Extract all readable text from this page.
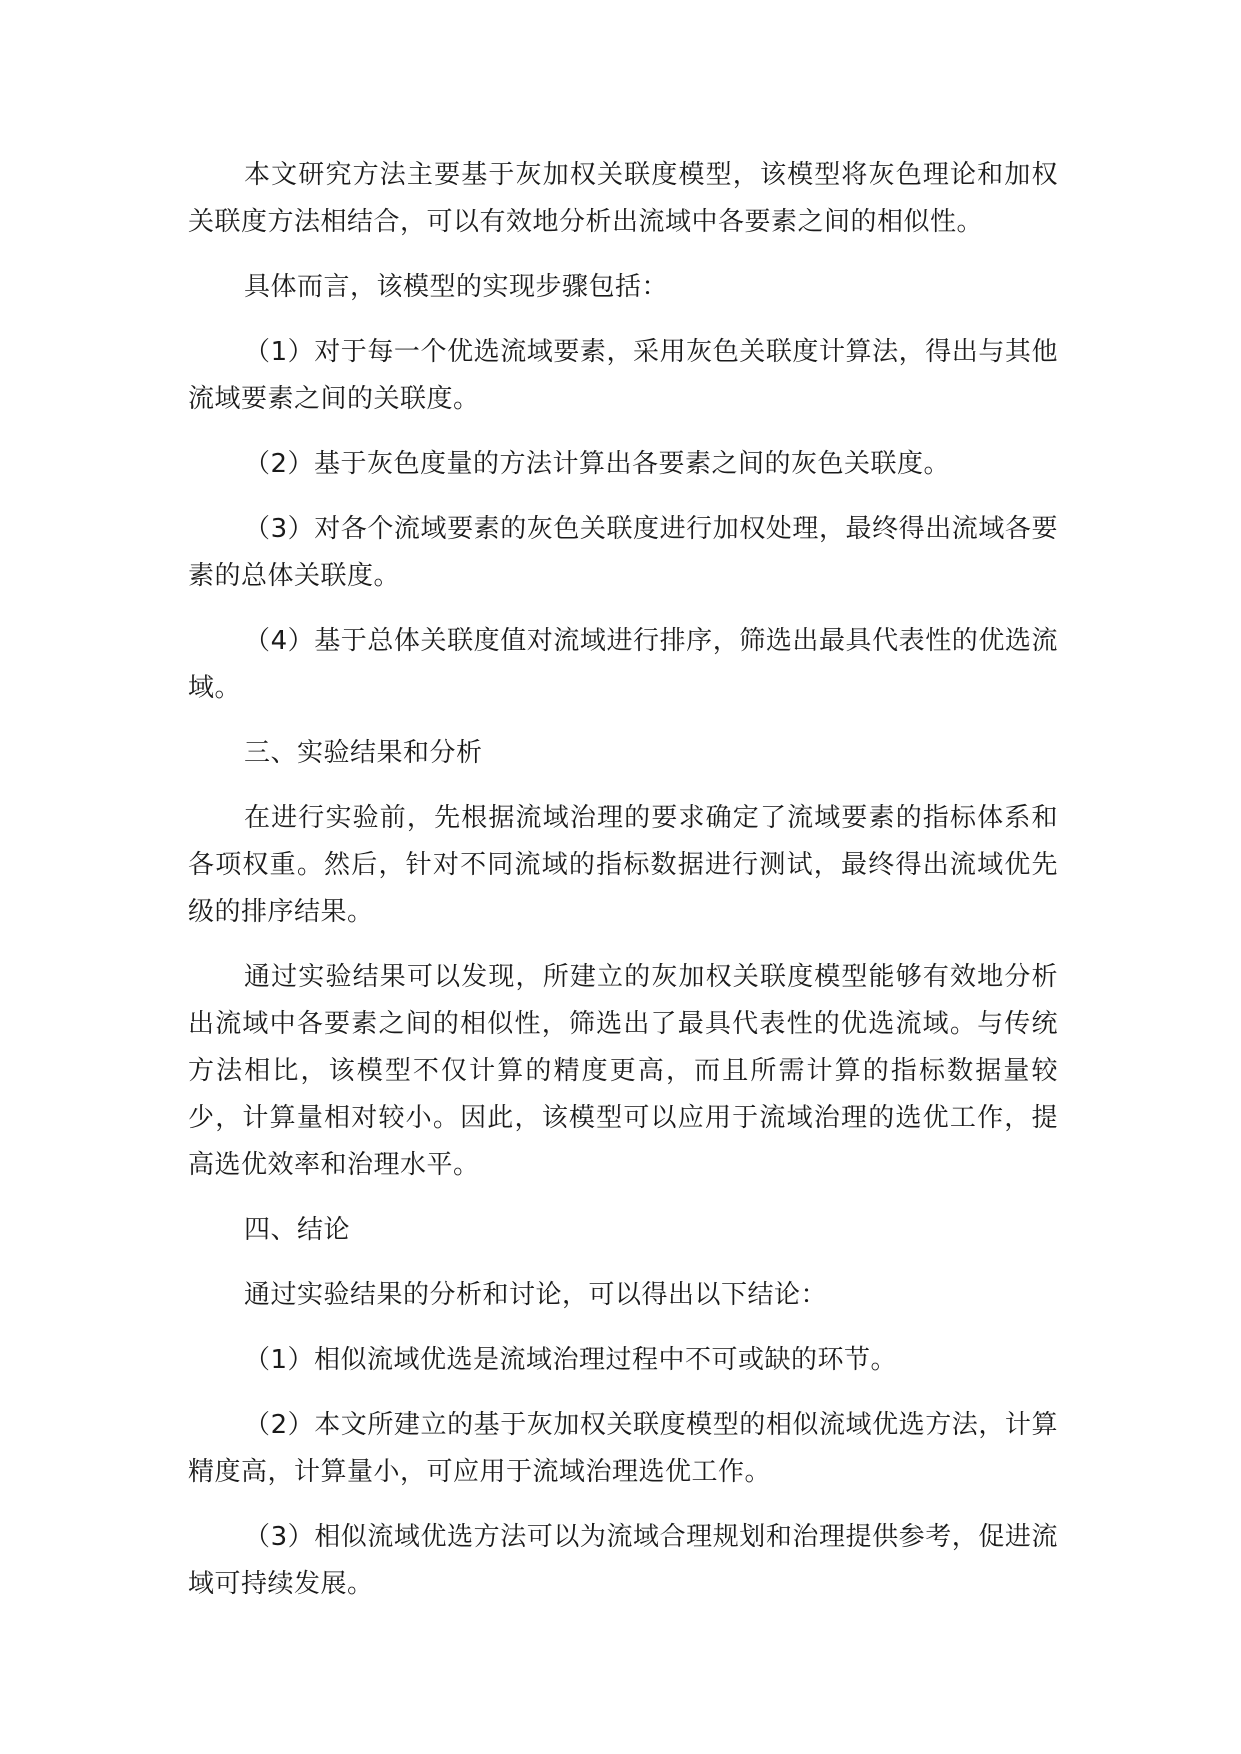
本文研究方法主要基于灰加权关联度模型，该模型将灰色理论和加权关联度方法相结合，可以有效地分析出流域中各要素之间的相似性。

具体而言，该模型的实现步骤包括：

（1）对于每一个优选流域要素，采用灰色关联度计算法，得出与其他流域要素之间的关联度。

（2）基于灰色度量的方法计算出各要素之间的灰色关联度。

（3）对各个流域要素的灰色关联度进行加权处理，最终得出流域各要素的总体关联度。

（4）基于总体关联度值对流域进行排序，筛选出最具代表性的优选流域。

三、实验结果和分析

在进行实验前，先根据流域治理的要求确定了流域要素的指标体系和各项权重。然后，针对不同流域的指标数据进行测试，最终得出流域优先级的排序结果。

通过实验结果可以发现，所建立的灰加权关联度模型能够有效地分析出流域中各要素之间的相似性，筛选出了最具代表性的优选流域。与传统方法相比，该模型不仅计算的精度更高，而且所需计算的指标数据量较少，计算量相对较小。因此，该模型可以应用于流域治理的选优工作，提高选优效率和治理水平。

四、结论

通过实验结果的分析和讨论，可以得出以下结论：

（1）相似流域优选是流域治理过程中不可或缺的环节。

（2）本文所建立的基于灰加权关联度模型的相似流域优选方法，计算精度高，计算量小，可应用于流域治理选优工作。

（3）相似流域优选方法可以为流域合理规划和治理提供参考，促进流域可持续发展。
